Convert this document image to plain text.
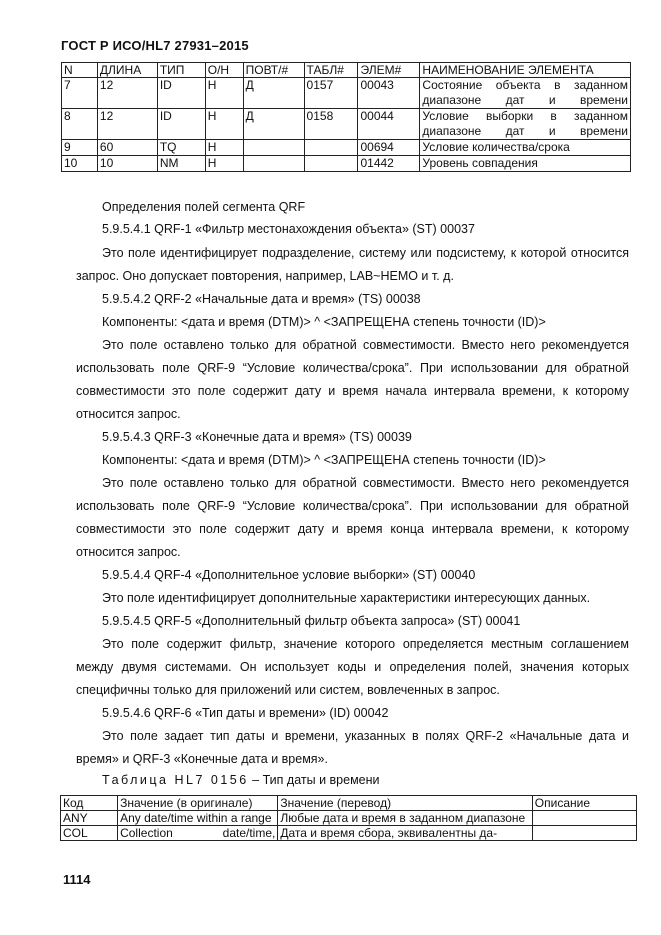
ГОСТ Р ИСО/HL7 27931–2015
N	ДЛИНА	ТИП	О/Н	ПОВТ/#	ТАБЛ#	ЭЛЕМ#	НАИМЕНОВАНИЕ ЭЛЕМЕНТА
7	12	ID	Н	Д	0157	00043	Состояние объекта в заданном диапазоне дат и времени
8	12	ID	Н	Д	0158	00044	Условие выборки в заданном диапазоне дат и времени
9	60	TQ	Н			00694	Условие количества/срока
10	10	NM	Н			01442	Уровень совпадения
Определения полей сегмента QRF
5.9.5.4.1 QRF-1 «Фильтр местонахождения объекта» (ST) 00037
Это поле идентифицирует подразделение, систему или подсистему, к которой относится запрос. Оно допускает повторения, например, LAB~HEMO и т. д.
5.9.5.4.2 QRF-2 «Начальные дата и время» (TS) 00038
Компоненты: <дата и время (DTM)> ^ <ЗАПРЕЩЕНА степень точности (ID)>
Это поле оставлено только для обратной совместимости. Вместо него рекомендуется использовать поле QRF-9 “Условие количества/срока”. При использовании для обратной совместимости это поле содержит дату и время начала интервала времени, к которому относится запрос.
5.9.5.4.3 QRF-3 «Конечные дата и время» (TS) 00039
Компоненты: <дата и время (DTM)> ^ <ЗАПРЕЩЕНА степень точности (ID)>
Это поле оставлено только для обратной совместимости. Вместо него рекомендуется использовать поле QRF-9 “Условие количества/срока”. При использовании для обратной совместимости это поле содержит дату и время конца интервала времени, к которому относится запрос.
5.9.5.4.4 QRF-4 «Дополнительное условие выборки» (ST) 00040
Это поле идентифицирует дополнительные характеристики интересующих данных.
5.9.5.4.5 QRF-5 «Дополнительный фильтр объекта запроса» (ST) 00041
Это поле содержит фильтр, значение которого определяется местным соглашением между двумя системами. Он использует коды и определения полей, значения которых специфичны только для приложений или систем, вовлеченных в запрос.
5.9.5.4.6 QRF-6 «Тип даты и времени» (ID) 00042
Это поле задает тип даты и времени, указанных в полях QRF-2 «Начальные дата и время» и QRF-3 «Конечные дата и время».
Таблица HL7 0156 – Тип даты и времени
Код	Значение (в оригинале)	Значение (перевод)	Описание
ANY	Any date/time within a range	Любые дата и время в заданном диапазоне	
COL	Collection date/time,	Дата и время сбора, эквивалентны да-	
1114
